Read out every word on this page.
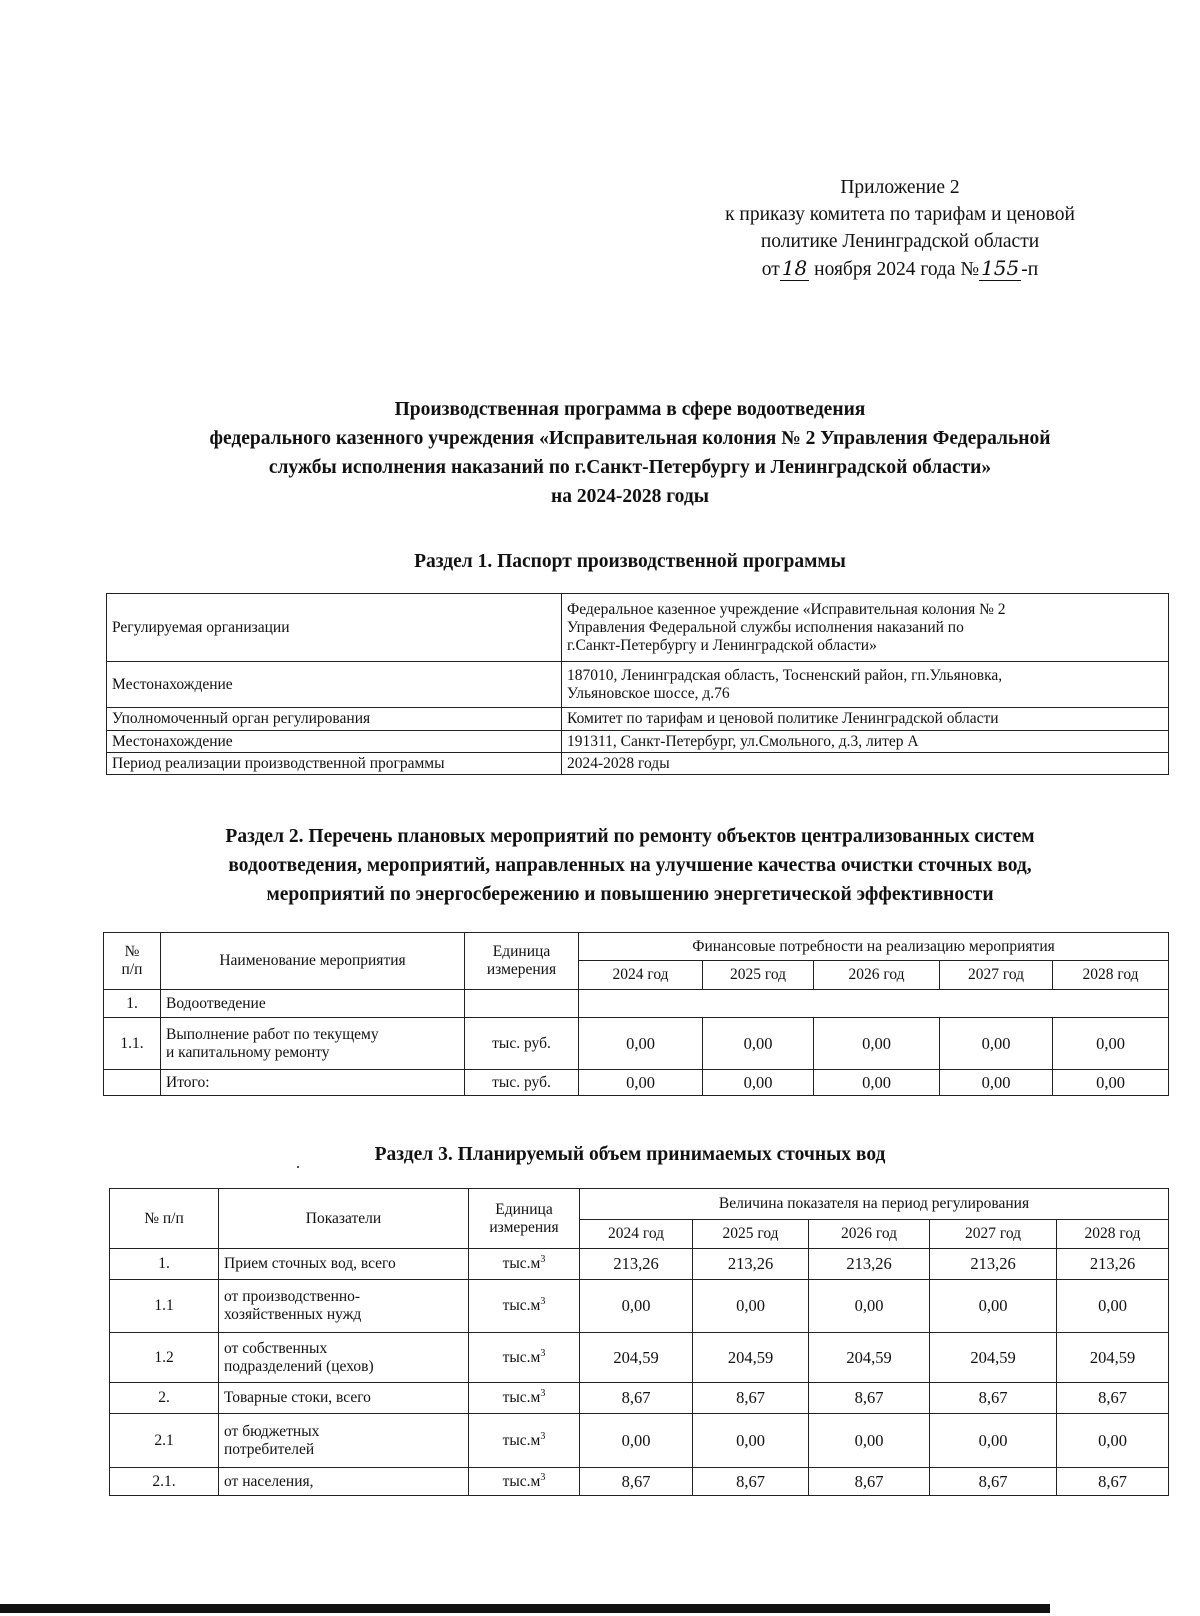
Приложение 2
к приказу комитета по тарифам и ценовой
политике Ленинградской области
от 18 ноября 2024 года № 155 -п
Производственная программа в сфере водоотведения
федерального казенного учреждения «Исправительная колония № 2 Управления Федеральной
службы исполнения наказаний по г.Санкт-Петербургу и Ленинградской области»
на 2024-2028 годы
Раздел 1. Паспорт производственной программы
Регулируемая организации	Федеральное казенное учреждение «Исправительная колония № 2
Управления Федеральной службы исполнения наказаний по
г.Санкт-Петербургу и Ленинградской области»

Местонахождение	187010, Ленинградская область, Тосненский район, гп.Ульяновка,
Ульяновское шоссе, д.76

Уполномоченный орган регулирования	Комитет по тарифам и ценовой политике Ленинградской области
Местонахождение	191311, Санкт-Петербург, ул.Смольного, д.3, литер А
Период реализации производственной программы	2024-2028 годы
Раздел 2. Перечень плановых мероприятий по ремонту объектов централизованных систем
водоотведения, мероприятий, направленных на улучшение качества очистки сточных вод,
мероприятий по энергосбережению и повышению энергетической эффективности
№
п/п
	Наименование мероприятия	
Единица
измерения
	Финансовые потребности на реализацию мероприятия
			2024 год	2025 год	2026 год	2027 год	2028 год
1.	Водоотведение						
1.1.	Выполнение работ по текущему
и капитальному ремонту	тыс. руб.	0,00	0,00	0,00	0,00	0,00
	Итого:	тыс. руб.	0,00	0,00	0,00	0,00	0,00
Раздел 3. Планируемый объем принимаемых сточных вод
№ п/п	Показатели	Единица
измерения	Величина показателя на период регулирования				
			2024 год	2025 год	2026 год	2027 год	2028 год
1.	Прием сточных вод, всего	$тыс.м^3$	213,26	213,26	213,26	213,26	213,26
1.1	от производственно-
хозяйственных нужд	$тыс.м^3$	0,00	0,00	0,00	0,00	0,00
1.2	от собственных
подразделений (цехов)	$тыс.м^3$	204,59	204,59	204,59	204,59	204,59
2.	Товарные стоки, всего	$тыс.м^3$	8,67	8,67	8,67	8,67	8,67
2.1	от бюджетных
потребителей	$тыс.м^3$	0,00	0,00	0,00	0,00	0,00
2.1.	от населения,	$тыс.м^3$	8,67	8,67	8,67	8,67	8,67
